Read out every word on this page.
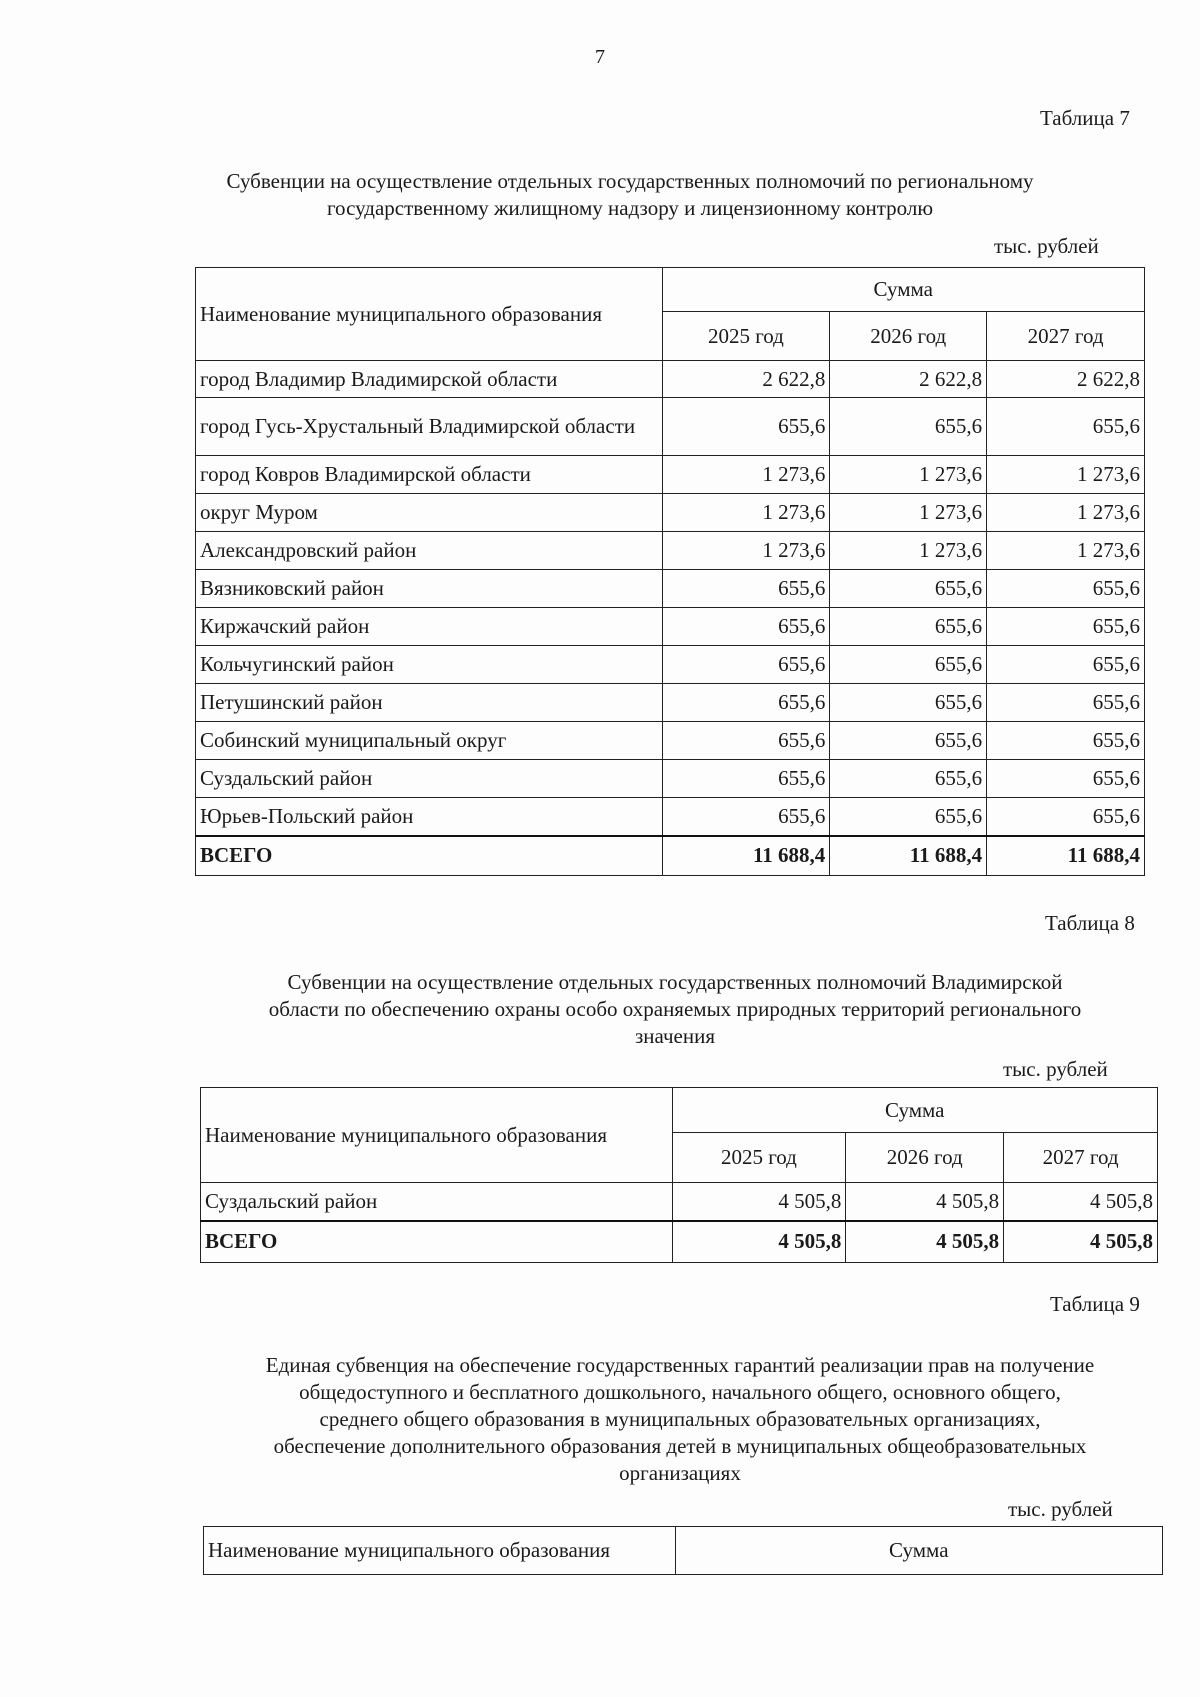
7
Таблица 7
Субвенции на осуществление отдельных государственных полномочий по региональному
государственному жилищному надзору и лицензионному контролю
тыс. рублей
Наименование муниципального образования	Сумма		
	2025 год	2026 год	2027 год
город Владимир Владимирской области	2 622,8	2 622,8	2 622,8
город Гусь-Хрустальный Владимирской области	655,6	655,6	655,6
город Ковров Владимирской области	1 273,6	1 273,6	1 273,6
округ Муром	1 273,6	1 273,6	1 273,6
Александровский район	1 273,6	1 273,6	1 273,6
Вязниковский район	655,6	655,6	655,6
Киржачский район	655,6	655,6	655,6
Кольчугинский район	655,6	655,6	655,6
Петушинский район	655,6	655,6	655,6
Собинский муниципальный округ	655,6	655,6	655,6
Суздальский район	655,6	655,6	655,6
Юрьев-Польский район	655,6	655,6	655,6
ВСЕГО	11 688,4	11 688,4	11 688,4
Таблица 8
Субвенции на осуществление отдельных государственных полномочий Владимирской
области по обеспечению охраны особо охраняемых природных территорий регионального
значения
тыс. рублей
Наименование муниципального образования	Сумма		
	2025 год	2026 год	2027 год
Суздальский район	4 505,8	4 505,8	4 505,8
ВСЕГО	4 505,8	4 505,8	4 505,8
Таблица 9
Единая субвенция на обеспечение государственных гарантий реализации прав на получение
общедоступного и бесплатного дошкольного, начального общего, основного общего,
среднего общего образования в муниципальных образовательных организациях,
обеспечение дополнительного образования детей в муниципальных общеобразовательных
организациях
тыс. рублей
Наименование муниципального образования	Сумма
